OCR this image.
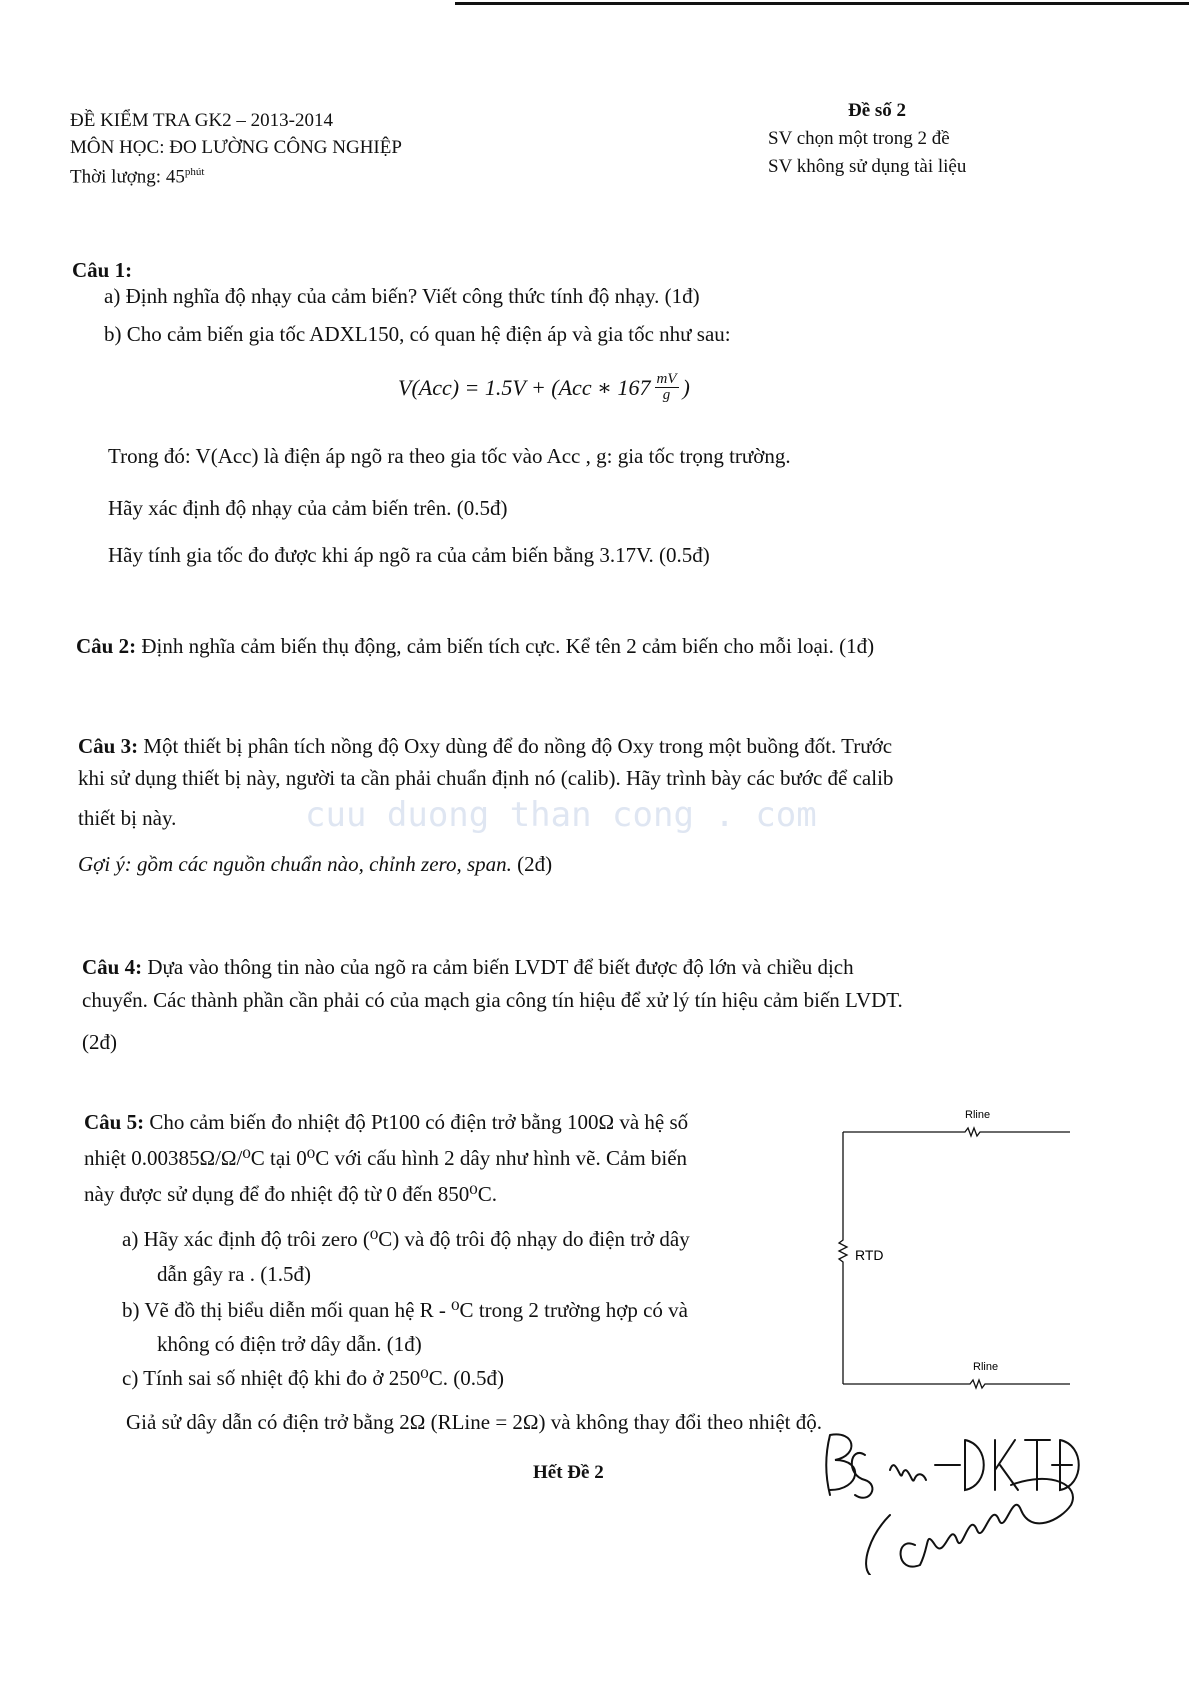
cuu duong than cong . com
ĐỀ KIỂM TRA GK2 – 2013-2014
MÔN HỌC: ĐO LƯỜNG CÔNG NGHIỆP
Thời lượng: $45^{phút}$
Đề số 2
SV chọn một trong 2 đề
SV không sử dụng tài liệu
Câu 1:
a) Định nghĩa độ nhạy của cảm biến? Viết công thức tính độ nhạy. (1đ)
b) Cho cảm biến gia tốc ADXL150, có quan hệ điện áp và gia tốc như sau:
V(Acc) = 1.5V + (Acc ∗ $167 \frac{mV}{g}$ )
Trong đó: V(Acc) là điện áp ngõ ra theo gia tốc vào Acc , g: gia tốc trọng trường.
Hãy xác định độ nhạy của cảm biến trên. (0.5đ)
Hãy tính gia tốc đo được khi áp ngõ ra của cảm biến bằng 3.17V. (0.5đ)
Câu 2: Định nghĩa cảm biến thụ động, cảm biến tích cực. Kể tên 2 cảm biến cho mỗi loại. (1đ)
Câu 3: Một thiết bị phân tích nồng độ Oxy dùng để đo nồng độ Oxy trong một buồng đốt. Trước
khi sử dụng thiết bị này, người ta cần phải chuẩn định nó (calib). Hãy trình bày các bước để calib
thiết bị này.
Gợi ý: gồm các nguồn chuẩn nào, chỉnh zero, span. (2đ)
Câu 4: Dựa vào thông tin nào của ngõ ra cảm biến LVDT để biết được độ lớn và chiều dịch
chuyển. Các thành phần cần phải có của mạch gia công tín hiệu để xử lý tín hiệu cảm biến LVDT.
(2đ)
Câu 5: Cho cảm biến đo nhiệt độ Pt100 có điện trở bằng 100Ω và hệ số
nhiệt 0.00385Ω/Ω/⁰C tại 0⁰C với cấu hình 2 dây như hình vẽ. Cảm biến
này được sử dụng để đo nhiệt độ từ 0 đến 850⁰C.
a) Hãy xác định độ trôi zero (⁰C) và độ trôi độ nhạy do điện trở dây
dẫn gây ra . (1.5đ)
b) Vẽ đồ thị biểu diễn mối quan hệ R - ⁰C trong 2 trường hợp có và
không có điện trở dây dẫn. (1đ)
c) Tính sai số nhiệt độ khi đo ở 250⁰C. (0.5đ)
Giả sử dây dẫn có điện trở bằng 2Ω (RLine = 2Ω) và không thay đổi theo nhiệt độ.
Rline
Rline
RTD
Hết Đề 2
